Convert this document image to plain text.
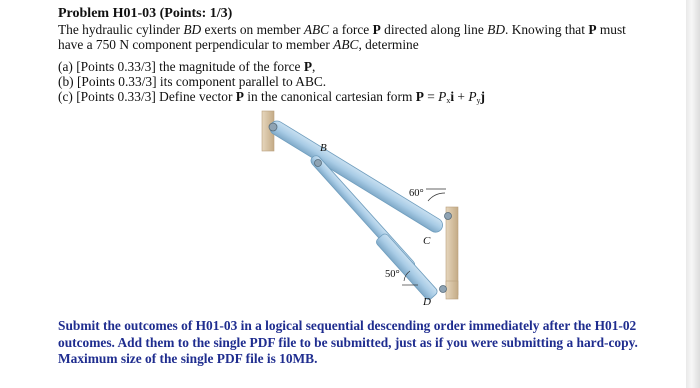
Problem H01-03 (Points: 1/3)
The hydraulic cylinder BD exerts on member ABC a force P directed along line BD. Knowing that P must
have a 750 N component perpendicular to member ABC, determine
(a) [Points 0.33/3] the magnitude of the force P,
(b) [Points 0.33/3] its component parallel to ABC.
(c) [Points 0.33/3] Define vector P in the canonical cartesian form $P = P_xi + P_yj$
B
C
D
60°
50°
Submit the outcomes of H01-03 in a logical sequential descending order immediately after the H01-02 outcomes. Add them to the single PDF file to be submitted, just as if you were submitting a hard-copy. Maximum size of the single PDF file is 10MB.
